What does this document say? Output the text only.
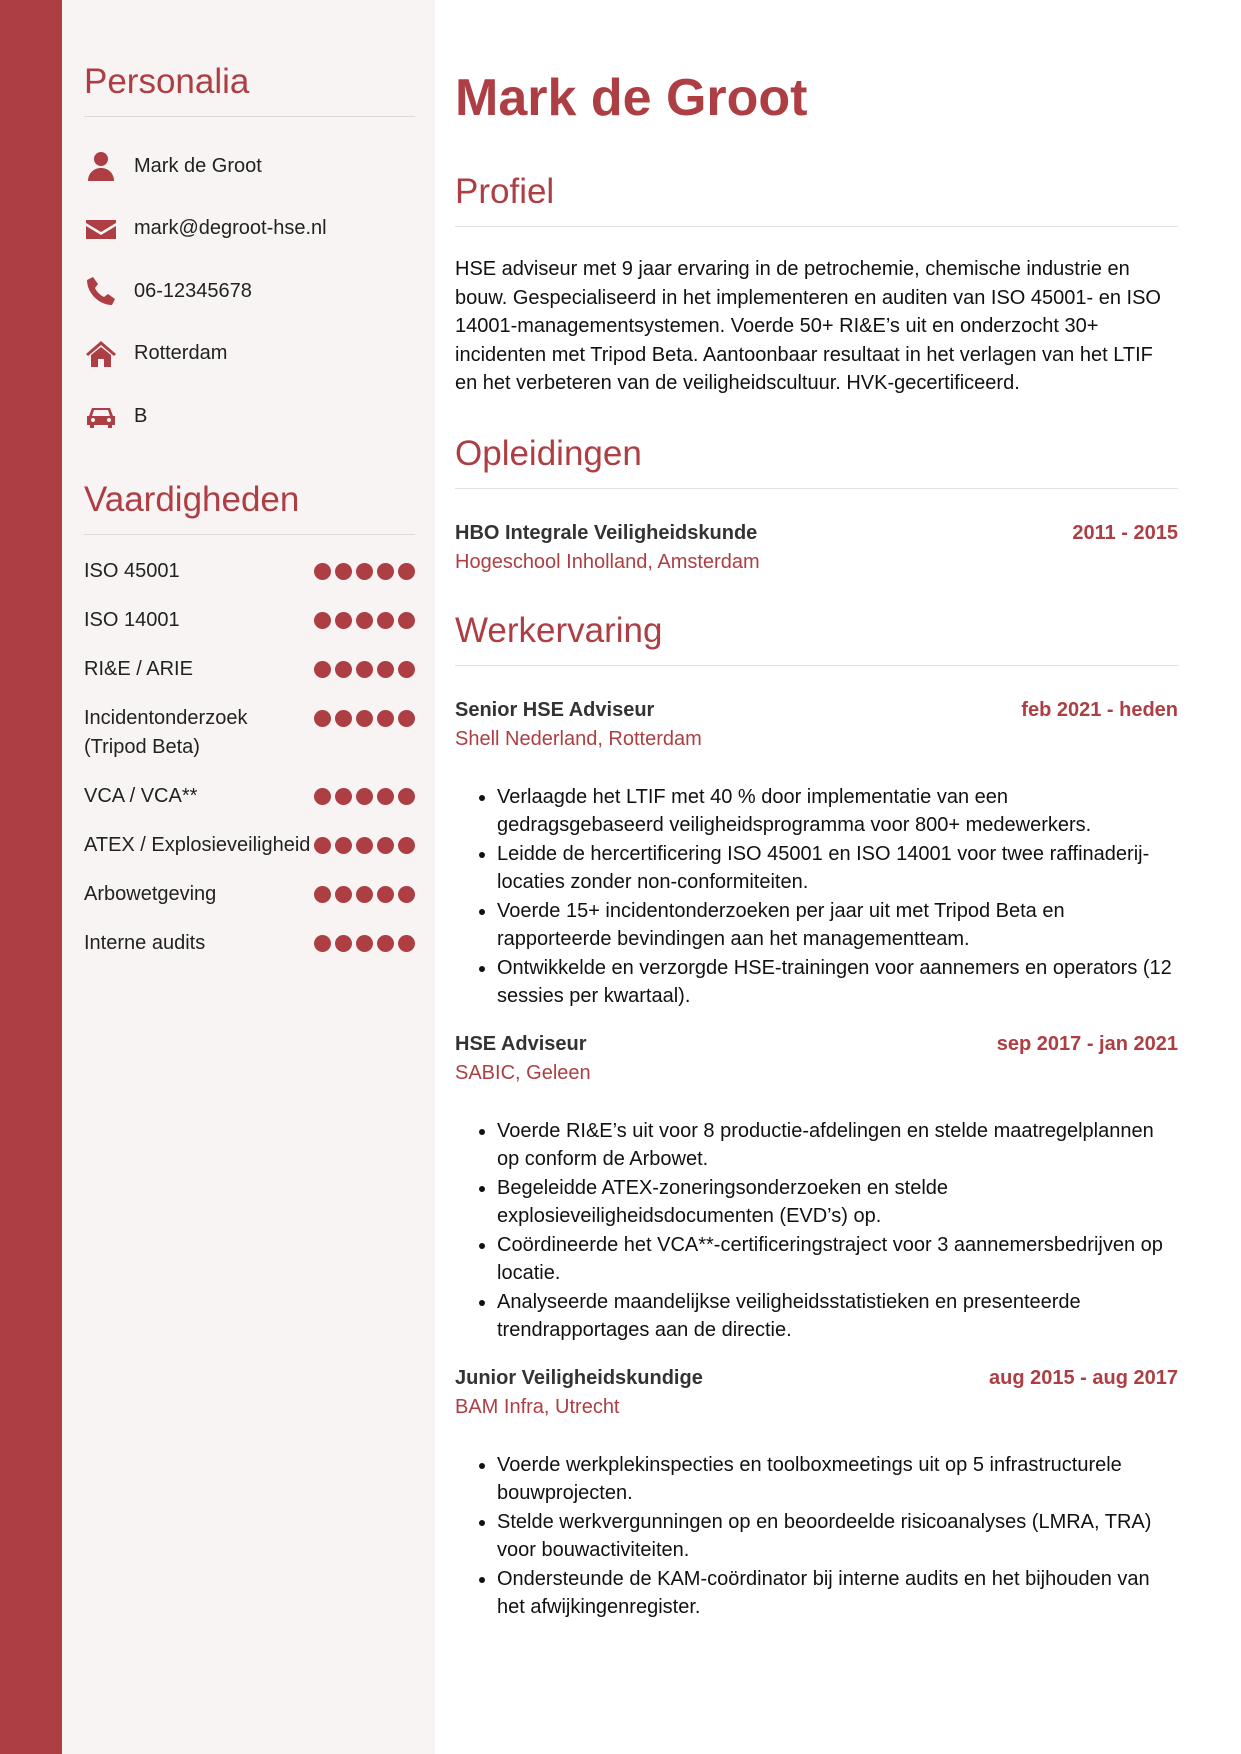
Personalia
Mark de Groot
mark@degroot-hse.nl
06-12345678
Rotterdam
B
Vaardigheden
ISO 45001
ISO 14001
RI&E / ARIE
Incidentonderzoek (Tripod Beta)
VCA / VCA**
ATEX / Explosieveiligheid
Arbowetgeving
Interne audits
Mark de Groot
Profiel

HSE adviseur met 9 jaar ervaring in de petrochemie, chemische industrie en bouw. Gespecialiseerd in het implementeren en auditen van ISO 45001- en ISO 14001-managementsystemen. Voerde 50+ RI&E’s uit en onderzocht 30+ incidenten met Tripod Beta. Aantoonbaar resultaat in het verlagen van het LTIF en het verbeteren van de veiligheidscultuur. HVK-gecertificeerd.

Opleidingen
HBO Integrale Veiligheidskunde	2011 - 2015
Hogeschool Inholland, Amsterdam
Werkervaring
Senior HSE Adviseur	feb 2021 - heden
Shell Nederland, Rotterdam
• Verlaagde het LTIF met 40 % door implementatie van een gedragsgebaseerd veiligheidsprogramma voor 800+ medewerkers.
• Leidde de hercertificering ISO 45001 en ISO 14001 voor twee raffinaderij-locaties zonder non-conformiteiten.
• Voerde 15+ incidentonderzoeken per jaar uit met Tripod Beta en rapporteerde bevindingen aan het managementteam.
• Ontwikkelde en verzorgde HSE-trainingen voor aannemers en operators (12 sessies per kwartaal).
HSE Adviseur	sep 2017 - jan 2021
SABIC, Geleen
• Voerde RI&E’s uit voor 8 productie-afdelingen en stelde maatregelplannen op conform de Arbowet.
• Begeleidde ATEX-zoneringsonderzoeken en stelde explosieveiligheidsdocumenten (EVD’s) op.
• Coördineerde het VCA**-certificeringstraject voor 3 aannemersbedrijven op locatie.
• Analyseerde maandelijkse veiligheidsstatistieken en presenteerde trendrapportages aan de directie.
Junior Veiligheidskundige	aug 2015 - aug 2017
BAM Infra, Utrecht
• Voerde werkplekinspecties en toolboxmeetings uit op 5 infrastructurele bouwprojecten.
• Stelde werkvergunningen op en beoordeelde risicoanalyses (LMRA, TRA) voor bouwactiviteiten.
• Ondersteunde de KAM-coördinator bij interne audits en het bijhouden van het afwijkingenregister.
